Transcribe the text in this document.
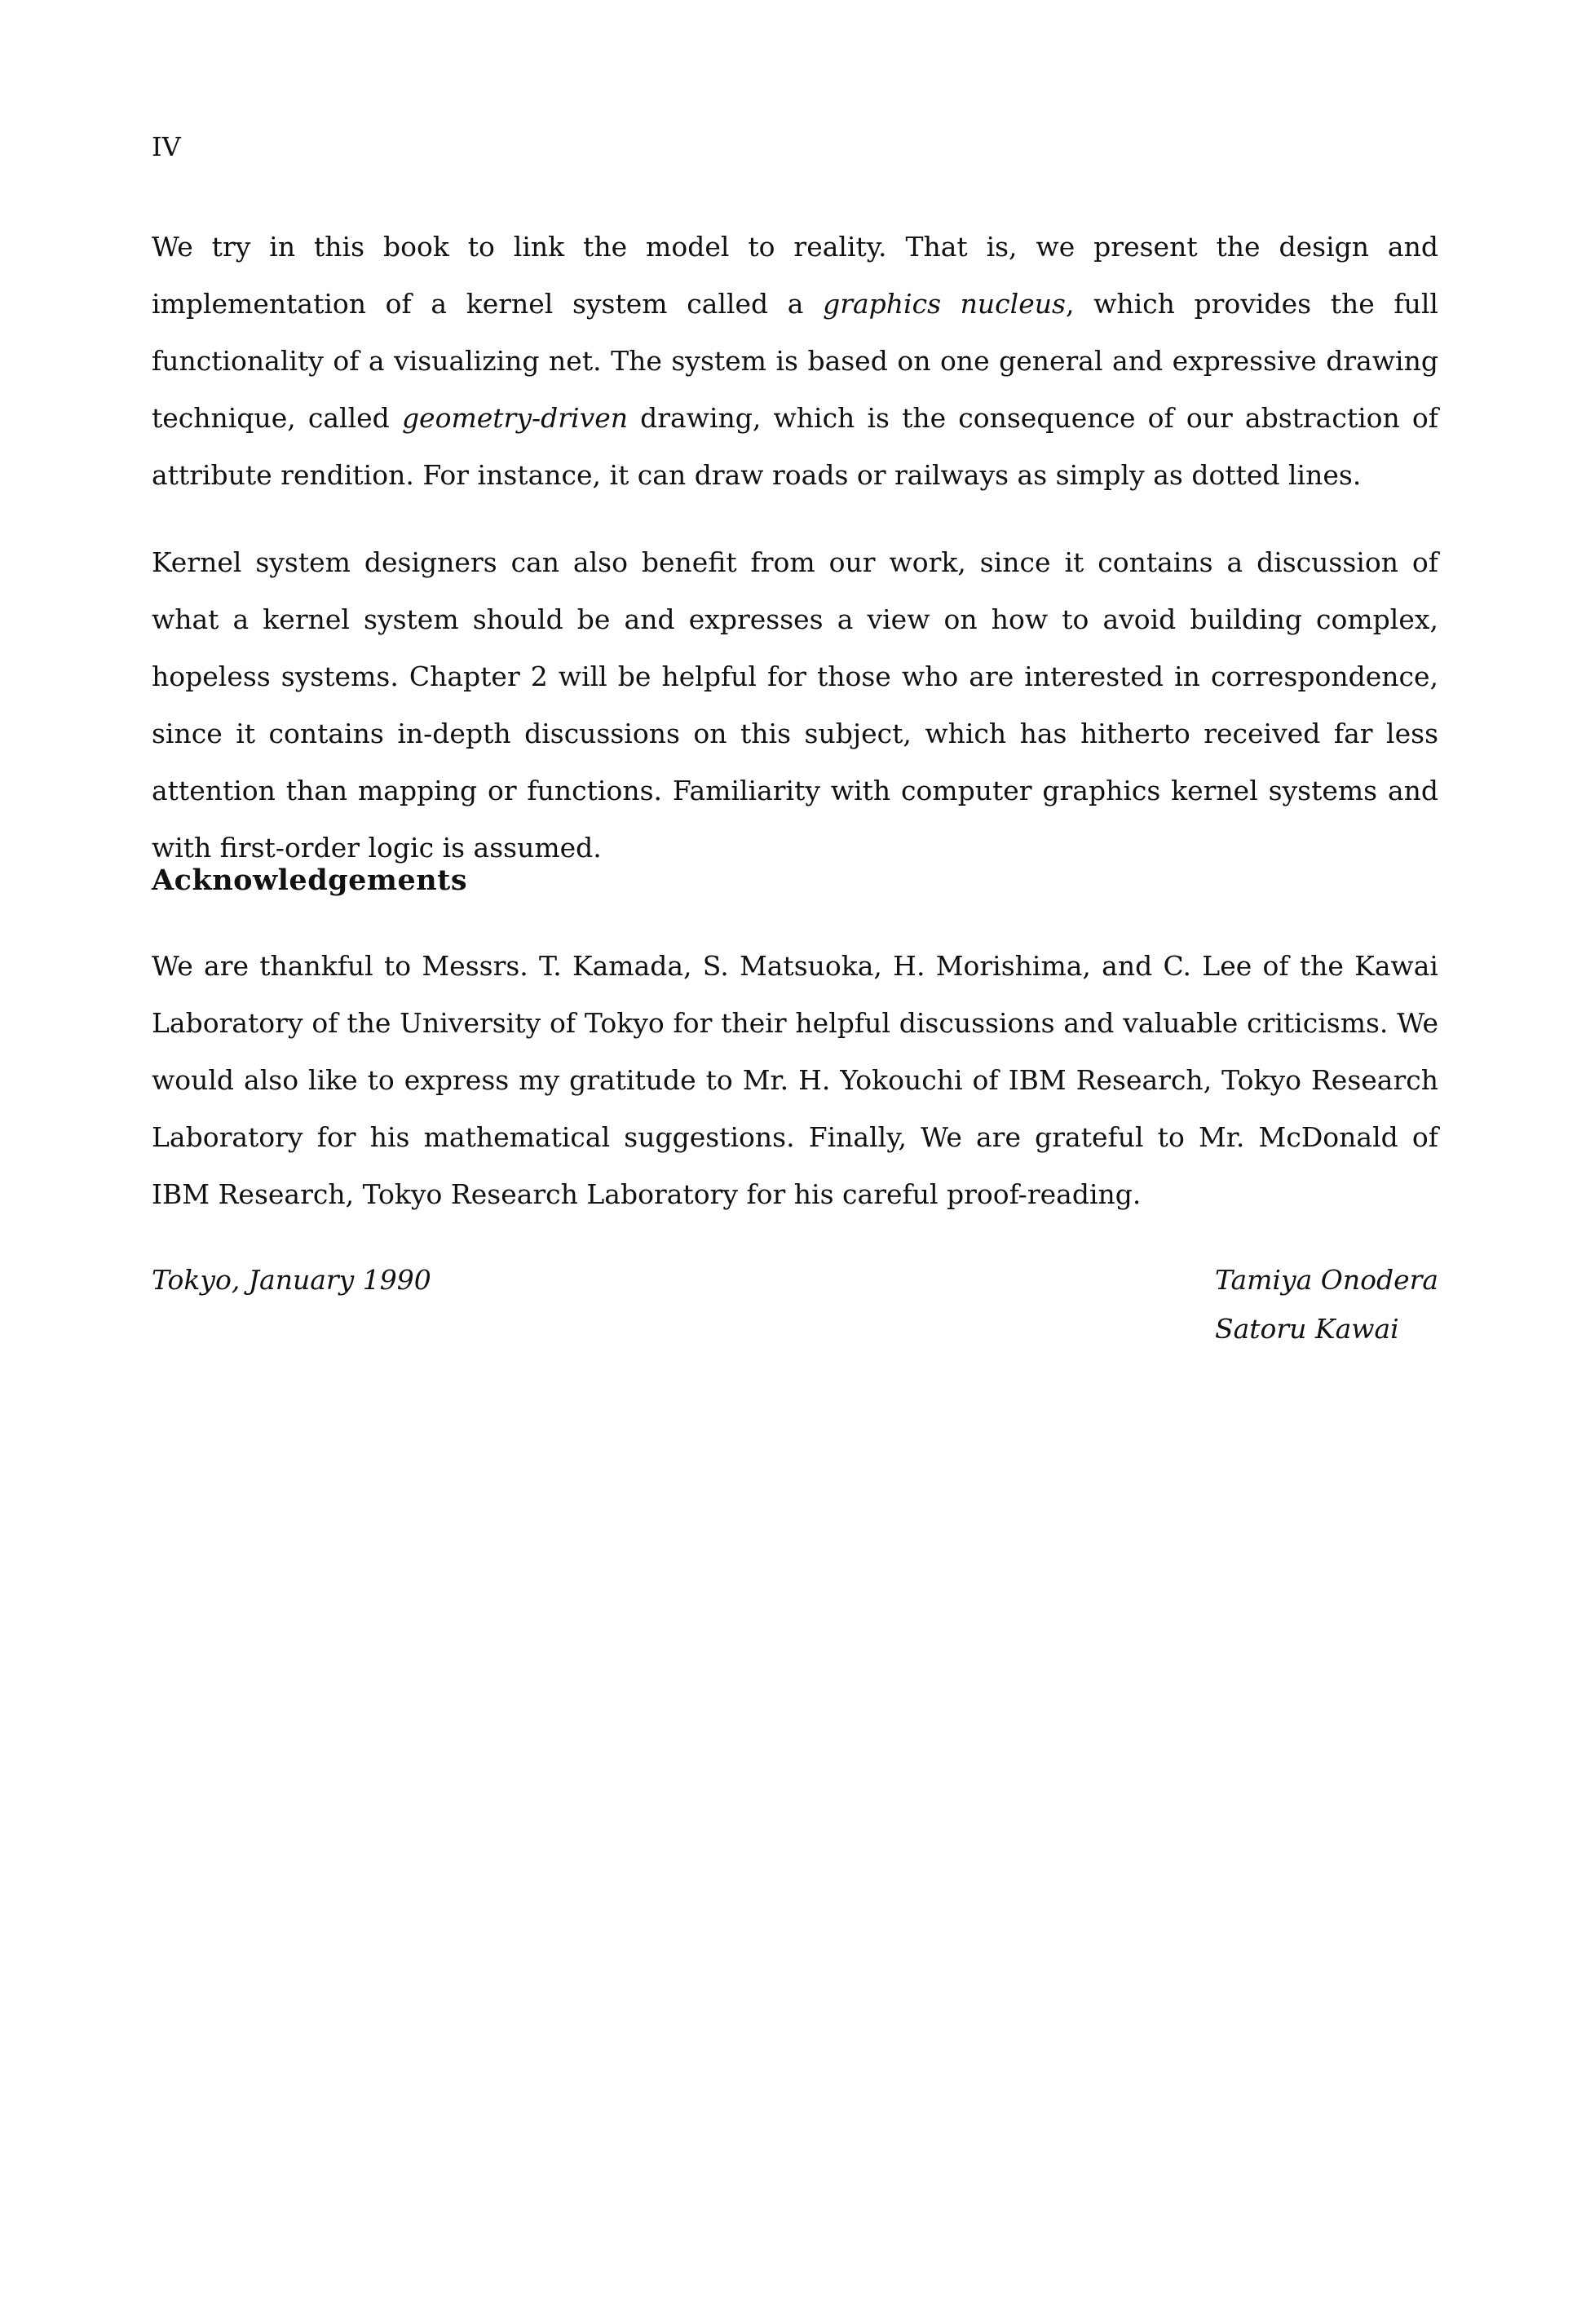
IV

We try in this book to link the model to reality. That is, we present the design and implementation of a kernel system called a graphics nucleus, which provides the full functionality of a visualizing net. The system is based on one general and expressive drawing technique, called geometry-driven drawing, which is the consequence of our abstraction of attribute rendition. For instance, it can draw roads or railways as simply as dotted lines.

Kernel system designers can also benefit from our work, since it contains a discussion of what a kernel system should be and expresses a view on how to avoid building complex, hopeless systems. Chapter 2 will be helpful for those who are interested in correspondence, since it contains in-depth discussions on this subject, which has hitherto received far less attention than mapping or functions. Familiarity with computer graphics kernel systems and with first-order logic is assumed.

Acknowledgements

We are thankful to Messrs. T. Kamada, S. Matsuoka, H. Morishima, and C. Lee of the Kawai Laboratory of the University of Tokyo for their helpful discussions and valuable criticisms. We would also like to express my gratitude to Mr. H. Yokouchi of IBM Research, Tokyo Research Laboratory for his mathematical suggestions. Finally, We are grateful to Mr. McDonald of IBM Research, Tokyo Research Laboratory for his careful proof-reading.

Tokyo, January 1990	Tamiya Onodera
Satoru Kawai
